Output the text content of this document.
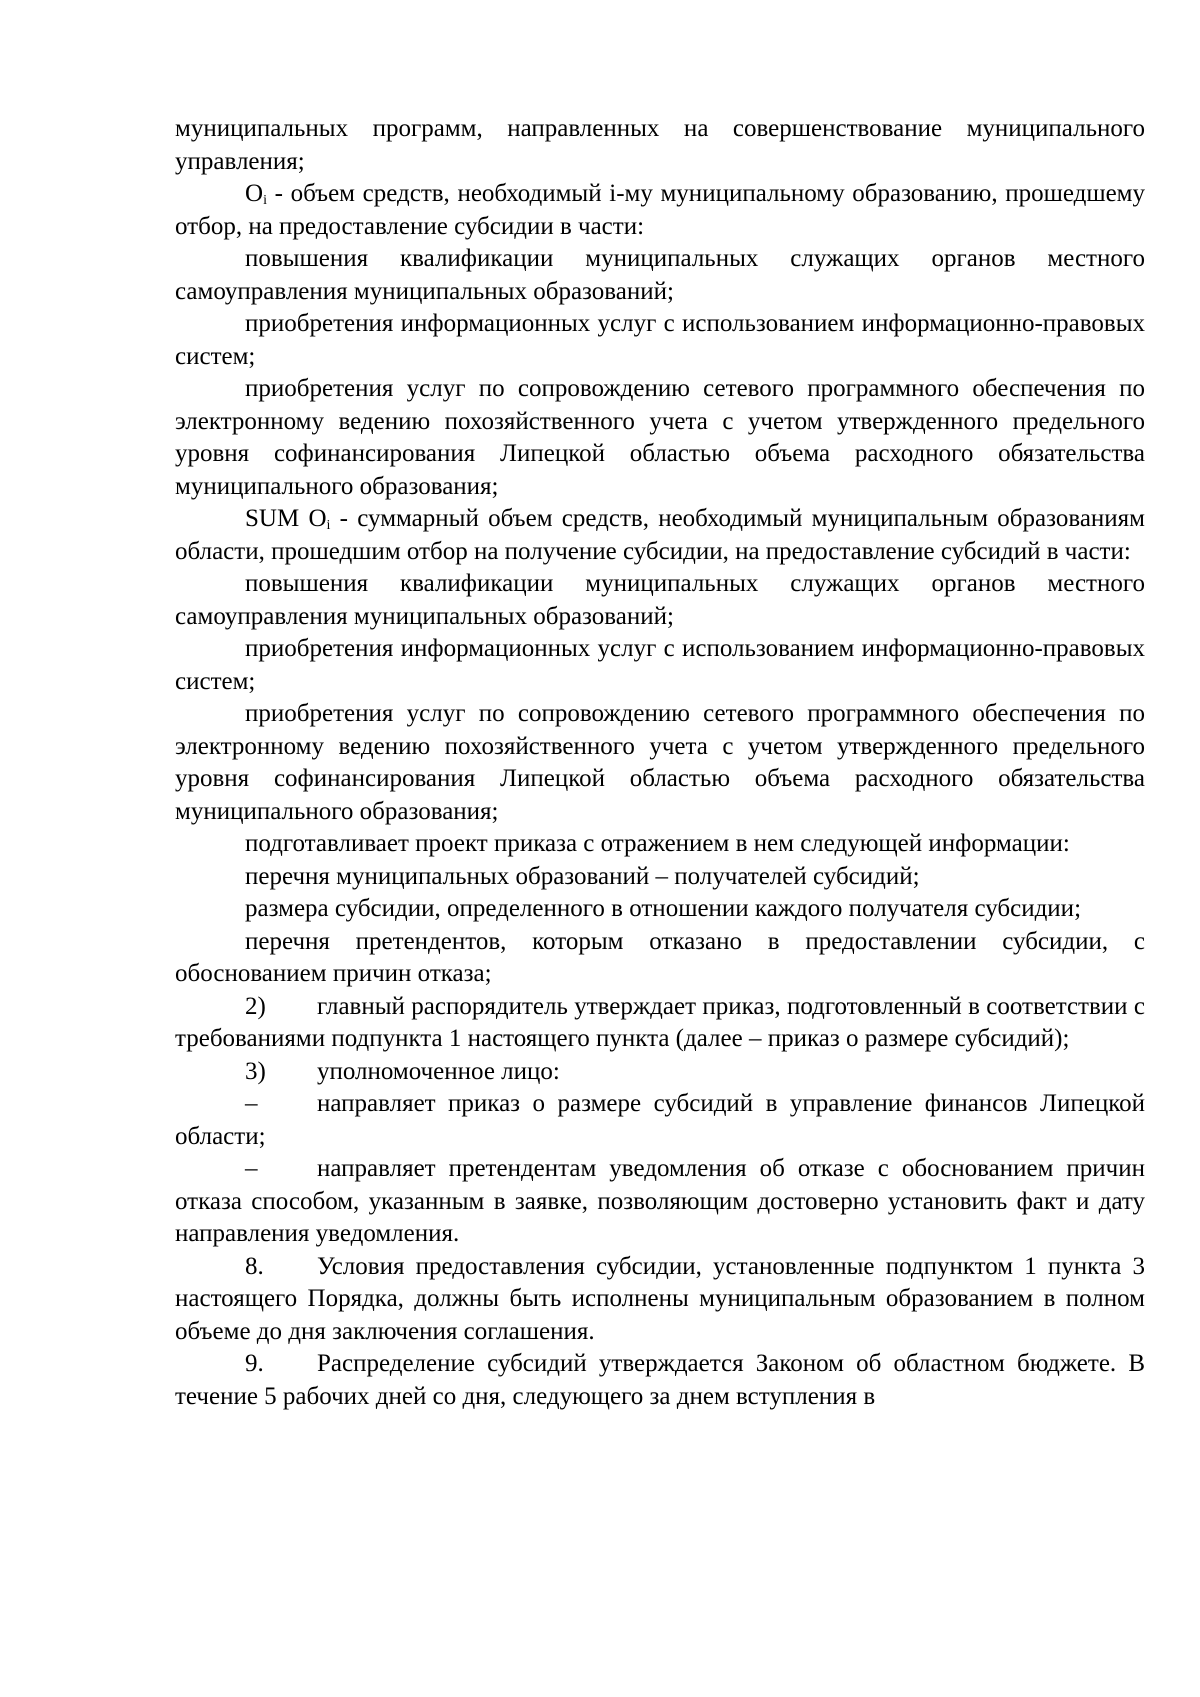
муниципальных программ, направленных на совершенствование муниципального управления;

$O_i$ - объем средств, необходимый i-му муниципальному образованию, прошедшему отбор, на предоставление субсидии в части:

повышения квалификации муниципальных служащих органов местного самоуправления муниципальных образований;

приобретения информационных услуг с использованием информационно-правовых систем;

приобретения услуг по сопровождению сетевого программного обеспечения по электронному ведению похозяйственного учета с учетом утвержденного предельного уровня софинансирования Липецкой областью объема расходного обязательства муниципального образования;

SUM $O_i$ - суммарный объем средств, необходимый муниципальным образованиям области, прошедшим отбор на получение субсидии, на предоставление субсидий в части:

повышения квалификации муниципальных служащих органов местного самоуправления муниципальных образований;

приобретения информационных услуг с использованием информационно-правовых систем;

приобретения услуг по сопровождению сетевого программного обеспечения по электронному ведению похозяйственного учета с учетом утвержденного предельного уровня софинансирования Липецкой областью объема расходного обязательства муниципального образования;

подготавливает проект приказа с отражением в нем следующей информации:

перечня муниципальных образований – получателей субсидий;

размера субсидии, определенного в отношении каждого получателя субсидии;

перечня претендентов, которым отказано в предоставлении субсидии, с обоснованием причин отказа;

2) главный распорядитель утверждает приказ, подготовленный в соответствии с требованиями подпункта 1 настоящего пункта (далее – приказ о размере субсидий);

3) уполномоченное лицо:

– направляет приказ о размере субсидий в управление финансов Липецкой области;

– направляет претендентам уведомления об отказе с обоснованием причин отказа способом, указанным в заявке, позволяющим достоверно установить факт и дату направления уведомления.

8. Условия предоставления субсидии, установленные подпунктом 1 пункта 3 настоящего Порядка, должны быть исполнены муниципальным образованием в полном объеме до дня заключения соглашения.

9. Распределение субсидий утверждается Законом об областном бюджете. В течение 5 рабочих дней со дня, следующего за днем вступления в
